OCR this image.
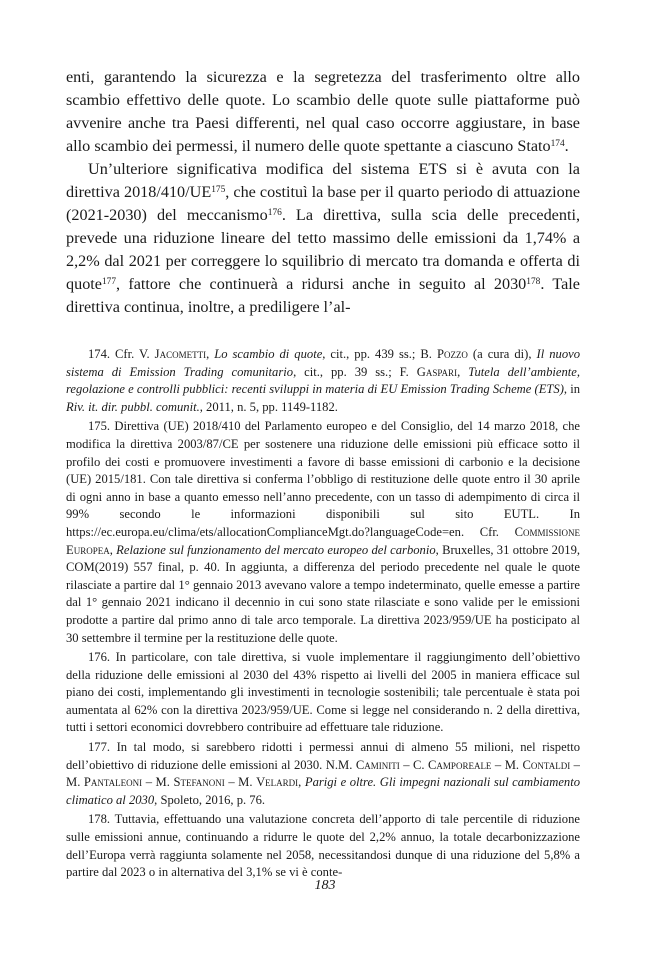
enti, garantendo la sicurezza e la segretezza del trasferimento oltre allo scambio effettivo delle quote. Lo scambio delle quote sulle piattaforme può avvenire anche tra Paesi differenti, nel qual caso occorre aggiustare, in base allo scambio dei permessi, il numero delle quote spettante a ciascuno Stato$^{174}$.

Un’ulteriore significativa modifica del sistema ETS si è avuta con la direttiva 2018/410/UE$^{175}$, che costituì la base per il quarto periodo di attuazione (2021-2030) del meccanismo$^{176}$. La direttiva, sulla scia delle precedenti, prevede una riduzione lineare del tetto massimo delle emissioni da 1,74% a 2,2% dal 2021 per correggere lo squilibrio di mercato tra domanda e offerta di quote$^{177}$, fattore che continuerà a ridursi anche in seguito al 2030$^{178}$. Tale direttiva continua, inoltre, a prediligere l’al-

174. Cfr. V. Jacometti, Lo scambio di quote, cit., pp. 439 ss.; B. Pozzo (a cura di), Il nuovo sistema di Emission Trading comunitario, cit., pp. 39 ss.; F. Gaspari, Tutela dell’ambiente, regolazione e controlli pubblici: recenti sviluppi in materia di EU Emission Trading Scheme (ETS), in Riv. it. dir. pubbl. comunit., 2011, n. 5, pp. 1149-1182.

175. Direttiva (UE) 2018/410 del Parlamento europeo e del Consiglio, del 14 marzo 2018, che modifica la direttiva 2003/87/CE per sostenere una riduzione delle emissioni più efficace sotto il profilo dei costi e promuovere investimenti a favore di basse emissioni di carbonio e la decisione (UE) 2015/181. Con tale direttiva si conferma l’obbligo di restituzione delle quote entro il 30 aprile di ogni anno in base a quanto emesso nell’anno precedente, con un tasso di adempimento di circa il 99% secondo le informazioni disponibili sul sito EUTL. In https://ec.europa.eu/clima/ets/allocationComplianceMgt.do?languageCode=en. Cfr. Commissione Europea, Relazione sul funzionamento del mercato europeo del carbonio, Bruxelles, 31 ottobre 2019, COM(2019) 557 final, p. 40. In aggiunta, a differenza del periodo precedente nel quale le quote rilasciate a partire dal 1° gennaio 2013 avevano valore a tempo indeterminato, quelle emesse a partire dal 1° gennaio 2021 indicano il decennio in cui sono state rilasciate e sono valide per le emissioni prodotte a partire dal primo anno di tale arco temporale. La direttiva 2023/959/UE ha posticipato al 30 settembre il termine per la restituzione delle quote.

176. In particolare, con tale direttiva, si vuole implementare il raggiungimento dell’obiettivo della riduzione delle emissioni al 2030 del 43% rispetto ai livelli del 2005 in maniera efficace sul piano dei costi, implementando gli investimenti in tecnologie sostenibili; tale percentuale è stata poi aumentata al 62% con la direttiva 2023/959/UE. Come si legge nel considerando n. 2 della direttiva, tutti i settori economici dovrebbero contribuire ad effettuare tale riduzione.

177. In tal modo, si sarebbero ridotti i permessi annui di almeno 55 milioni, nel rispetto dell’obiettivo di riduzione delle emissioni al 2030. N.M. Caminiti – C. Camporeale – M. Contaldi – M. Pantaleoni – M. Stefanoni – M. Velardi, Parigi e oltre. Gli impegni nazionali sul cambiamento climatico al 2030, Spoleto, 2016, p. 76.

178. Tuttavia, effettuando una valutazione concreta dell’apporto di tale percentile di riduzione sulle emissioni annue, continuando a ridurre le quote del 2,2% annuo, la totale decarbonizzazione dell’Europa verrà raggiunta solamente nel 2058, necessitandosi dunque di una riduzione del 5,8% a partire dal 2023 o in alternativa del 3,1% se vi è conte-

183
